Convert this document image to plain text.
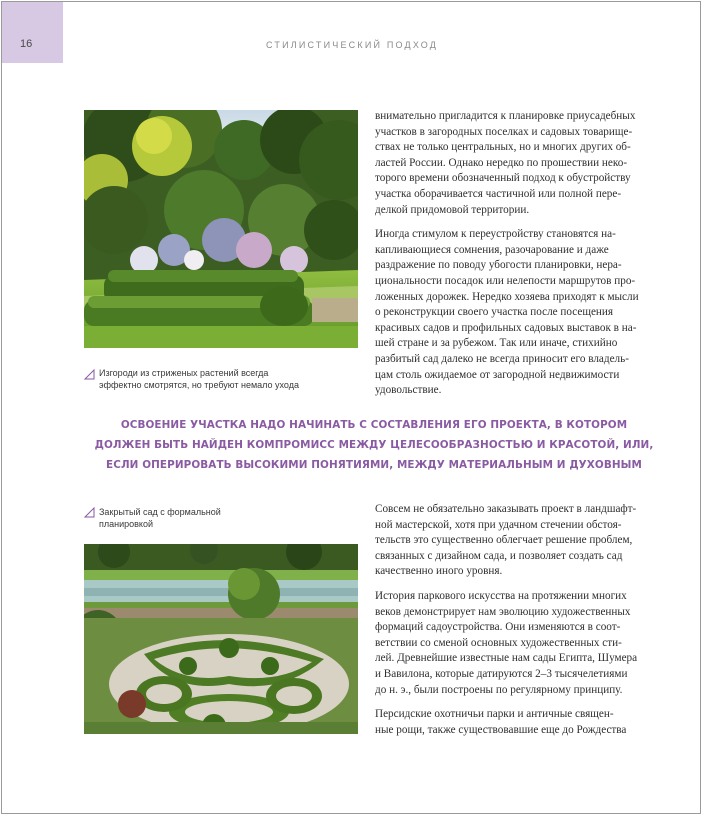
16	СТИЛИСТИЧЕСКИЙ ПОДХОД
Изгороди из стриженых растений всегда
эффектно смотрятся, но требуют немало ухода

внимательно пригладится к планировке приусадебных
участков в загородных поселках и садовых товарище-
ствах не только центральных, но и многих других об-
ластей России. Однако нередко по прошествии неко-
торого времени обозначенный подход к обустройству
участка оборачивается частичной или полной пере-
делкой придомовой территории.

Иногда стимулом к переустройству становятся на-
капливающиеся сомнения, разочарование и даже
раздражение по поводу убогости планировки, нера-
циональности посадок или нелепости маршрутов про-
ложенных дорожек. Нередко хозяева приходят к мысли
о реконструкции своего участка после посещения
красивых садов и профильных садовых выставок в на-
шей стране и за рубежом. Так или иначе, стихийно
разбитый сад далеко не всегда приносит его владель-
цам столь ожидаемое от загородной недвижимости
удовольствие.

ОСВОЕНИЕ УЧАСТКА НАДО НАЧИНАТЬ С СОСТАВЛЕНИЯ ЕГО ПРОЕКТА, В КОТОРОМ
ДОЛЖЕН БЫТЬ НАЙДЕН КОМПРОМИСС МЕЖДУ ЦЕЛЕСООБРАЗНОСТЬЮ И КРАСОТОЙ, ИЛИ,
ЕСЛИ ОПЕРИРОВАТЬ ВЫСОКИМИ ПОНЯТИЯМИ, МЕЖДУ МАТЕРИАЛЬНЫМ И ДУХОВНЫМ
Закрытый сад с формальной
планировкой

Совсем не обязательно заказывать проект в ландшафт-
ной мастерской, хотя при удачном стечении обстоя-
тельств это существенно облегчает решение проблем,
связанных с дизайном сада, и позволяет создать сад
качественно иного уровня.

История паркового искусства на протяжении многих
веков демонстрирует нам эволюцию художественных
формаций садоустройства. Они изменяются в соот-
ветствии со сменой основных художественных сти-
лей. Древнейшие известные нам сады Египта, Шумера
и Вавилона, которые датируются 2–3 тысячелетиями
до н. э., были построены по регулярному принципу.

Персидские охотничьи парки и античные священ-
ные рощи, также существовавшие еще до Рождества
